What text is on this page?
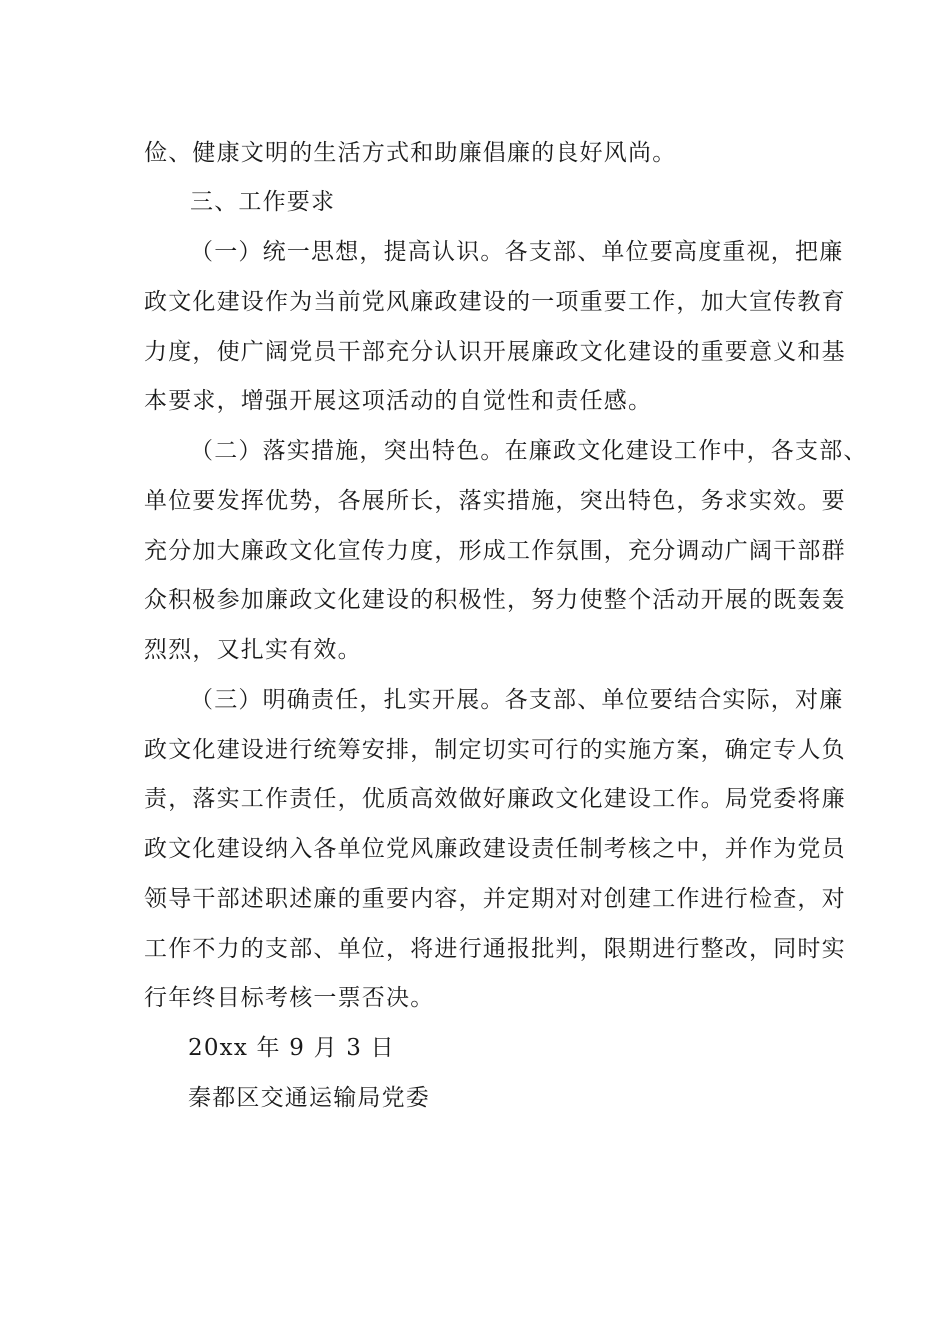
俭、健康文明的生活方式和助廉倡廉的良好风尚。

三、工作要求

（一）统一思想，提高认识。各支部、单位要高度重视，把廉

政文化建设作为当前党风廉政建设的一项重要工作，加大宣传教育

力度，使广阔党员干部充分认识开展廉政文化建设的重要意义和基

本要求，增强开展这项活动的自觉性和责任感。

（二）落实措施，突出特色。在廉政文化建设工作中，各支部、

单位要发挥优势，各展所长，落实措施，突出特色，务求实效。要

充分加大廉政文化宣传力度，形成工作氛围，充分调动广阔干部群

众积极参加廉政文化建设的积极性，努力使整个活动开展的既轰轰

烈烈，又扎实有效。

（三）明确责任，扎实开展。各支部、单位要结合实际，对廉

政文化建设进行统筹安排，制定切实可行的实施方案，确定专人负

责，落实工作责任，优质高效做好廉政文化建设工作。局党委将廉

政文化建设纳入各单位党风廉政建设责任制考核之中，并作为党员

领导干部述职述廉的重要内容，并定期对对创建工作进行检查，对

工作不力的支部、单位，将进行通报批判，限期进行整改，同时实

行年终目标考核一票否决。

20xx 年 9 月 3 日

秦都区交通运输局党委
